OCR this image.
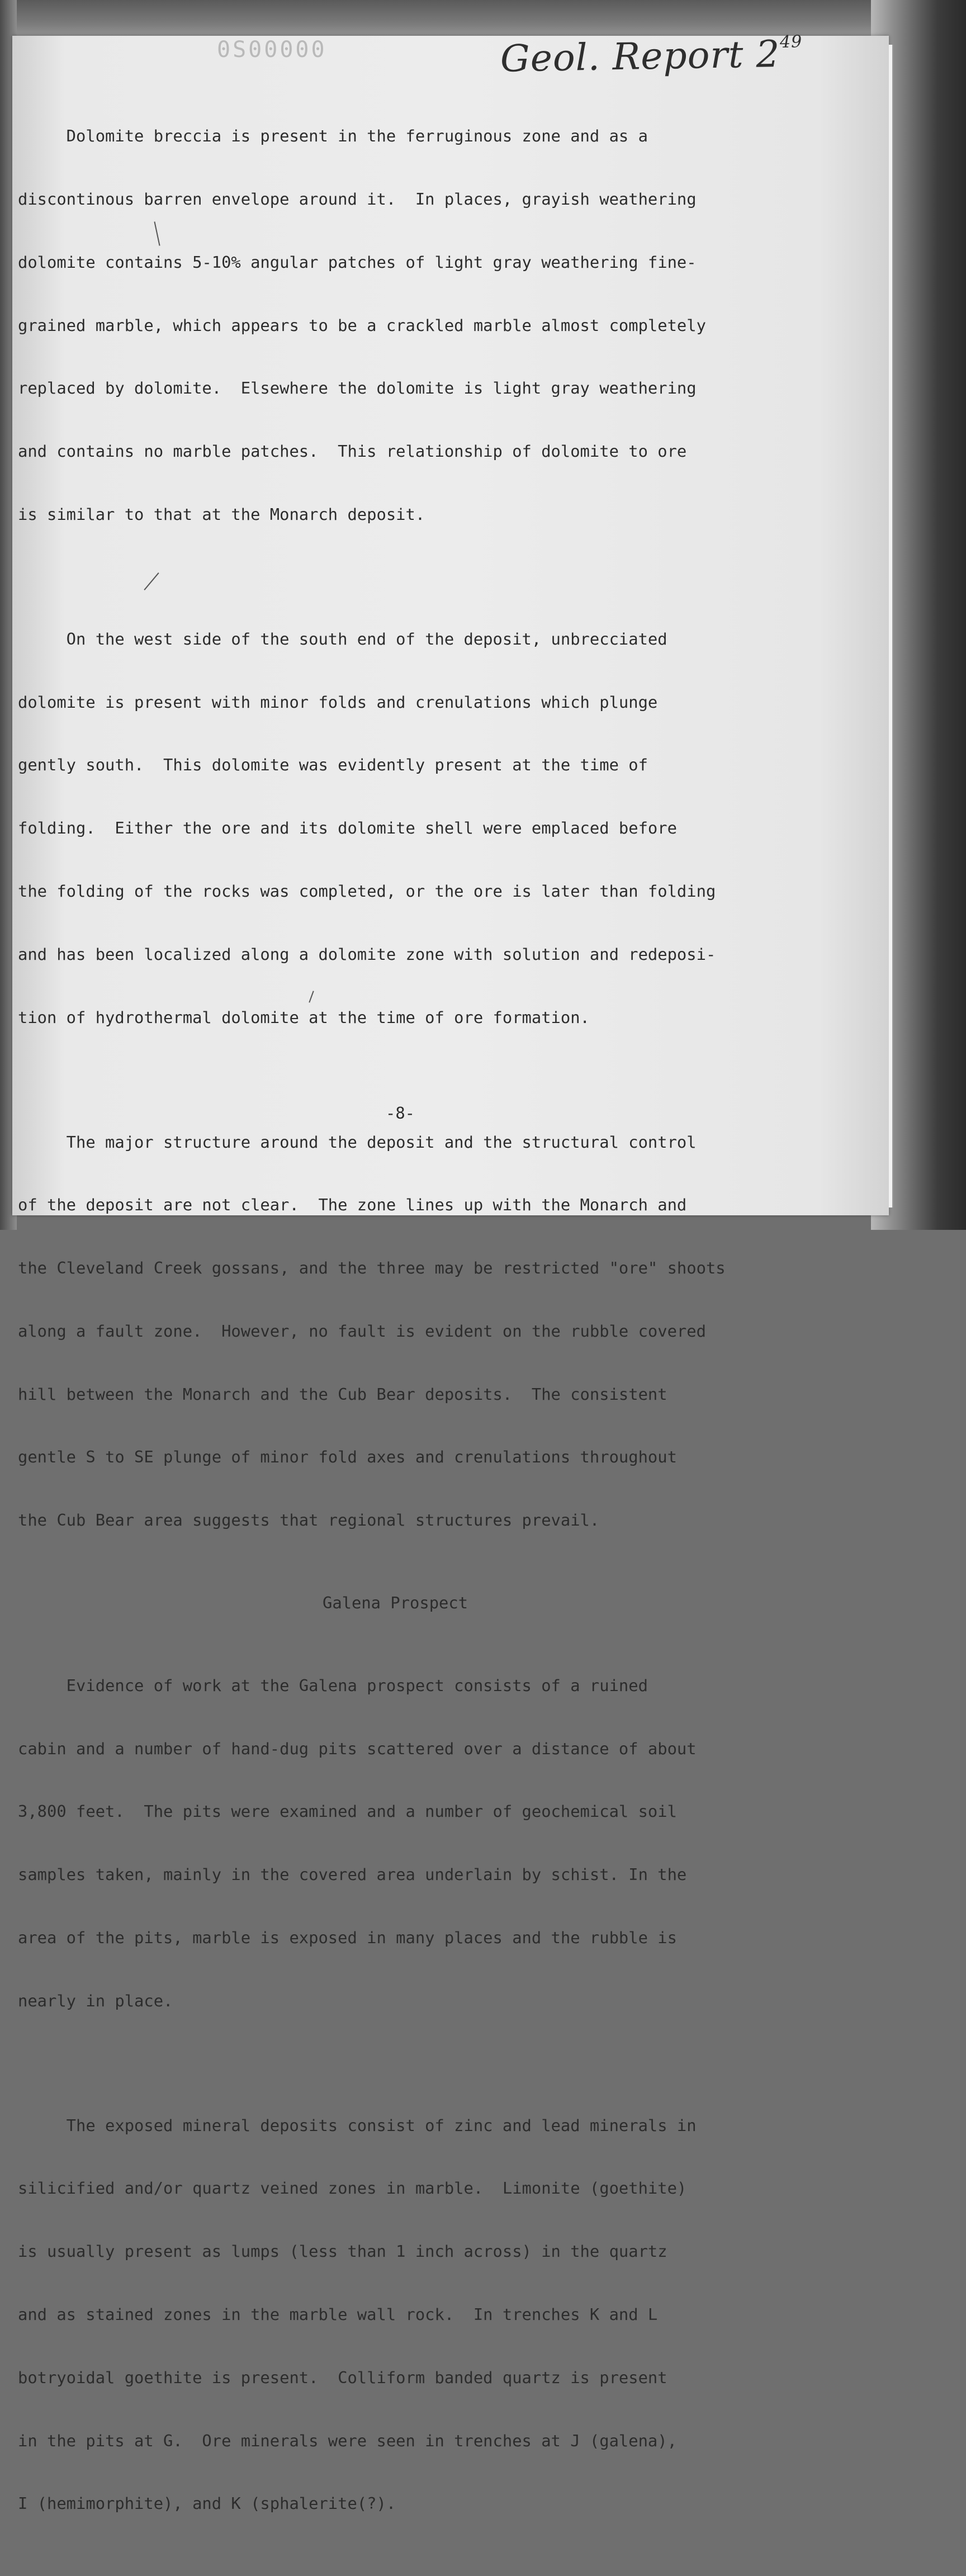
0S00000	Geol. Report $2^{49}$

Dolomite breccia is present in the ferruginous zone and as a

discontinous barren envelope around it.  In places, grayish weathering

dolomite contains 5-10% angular patches of light gray weathering fine-

grained marble, which appears to be a crackled marble almost completely

replaced by dolomite.  Elsewhere the dolomite is light gray weathering

and contains no marble patches.  This relationship of dolomite to ore

is similar to that at the Monarch deposit.

On the west side of the south end of the deposit, unbrecciated

dolomite is present with minor folds and crenulations which plunge

gently south.  This dolomite was evidently present at the time of

folding.  Either the ore and its dolomite shell were emplaced before

the folding of the rocks was completed, or the ore is later than folding

and has been localized along a dolomite zone with solution and redeposi-

tion of hydrothermal dolomite at the time of ore formation.

The major structure around the deposit and the structural control

of the deposit are not clear.  The zone lines up with the Monarch and

the Cleveland Creek gossans, and the three may be restricted "ore" shoots

along a fault zone.  However, no fault is evident on the rubble covered

hill between the Monarch and the Cub Bear deposits.  The consistent

gentle S to SE plunge of minor fold axes and crenulations throughout

the Cub Bear area suggests that regional structures prevail.

Galena Prospect

Evidence of work at the Galena prospect consists of a ruined

cabin and a number of hand-dug pits scattered over a distance of about

3,800 feet.  The pits were examined and a number of geochemical soil

samples taken, mainly in the covered area underlain by schist. In the

area of the pits, marble is exposed in many places and the rubble is

nearly in place.

The exposed mineral deposits consist of zinc and lead minerals in

silicified and/or quartz veined zones in marble.  Limonite (goethite)

is usually present as lumps (less than 1 inch across) in the quartz

and as stained zones in the marble wall rock.  In trenches K and L

botryoidal goethite is present.  Colliform banded quartz is present

in the pits at G.  Ore minerals were seen in trenches at J (galena),

I (hemimorphite), and K (sphalerite(?).

-8-
